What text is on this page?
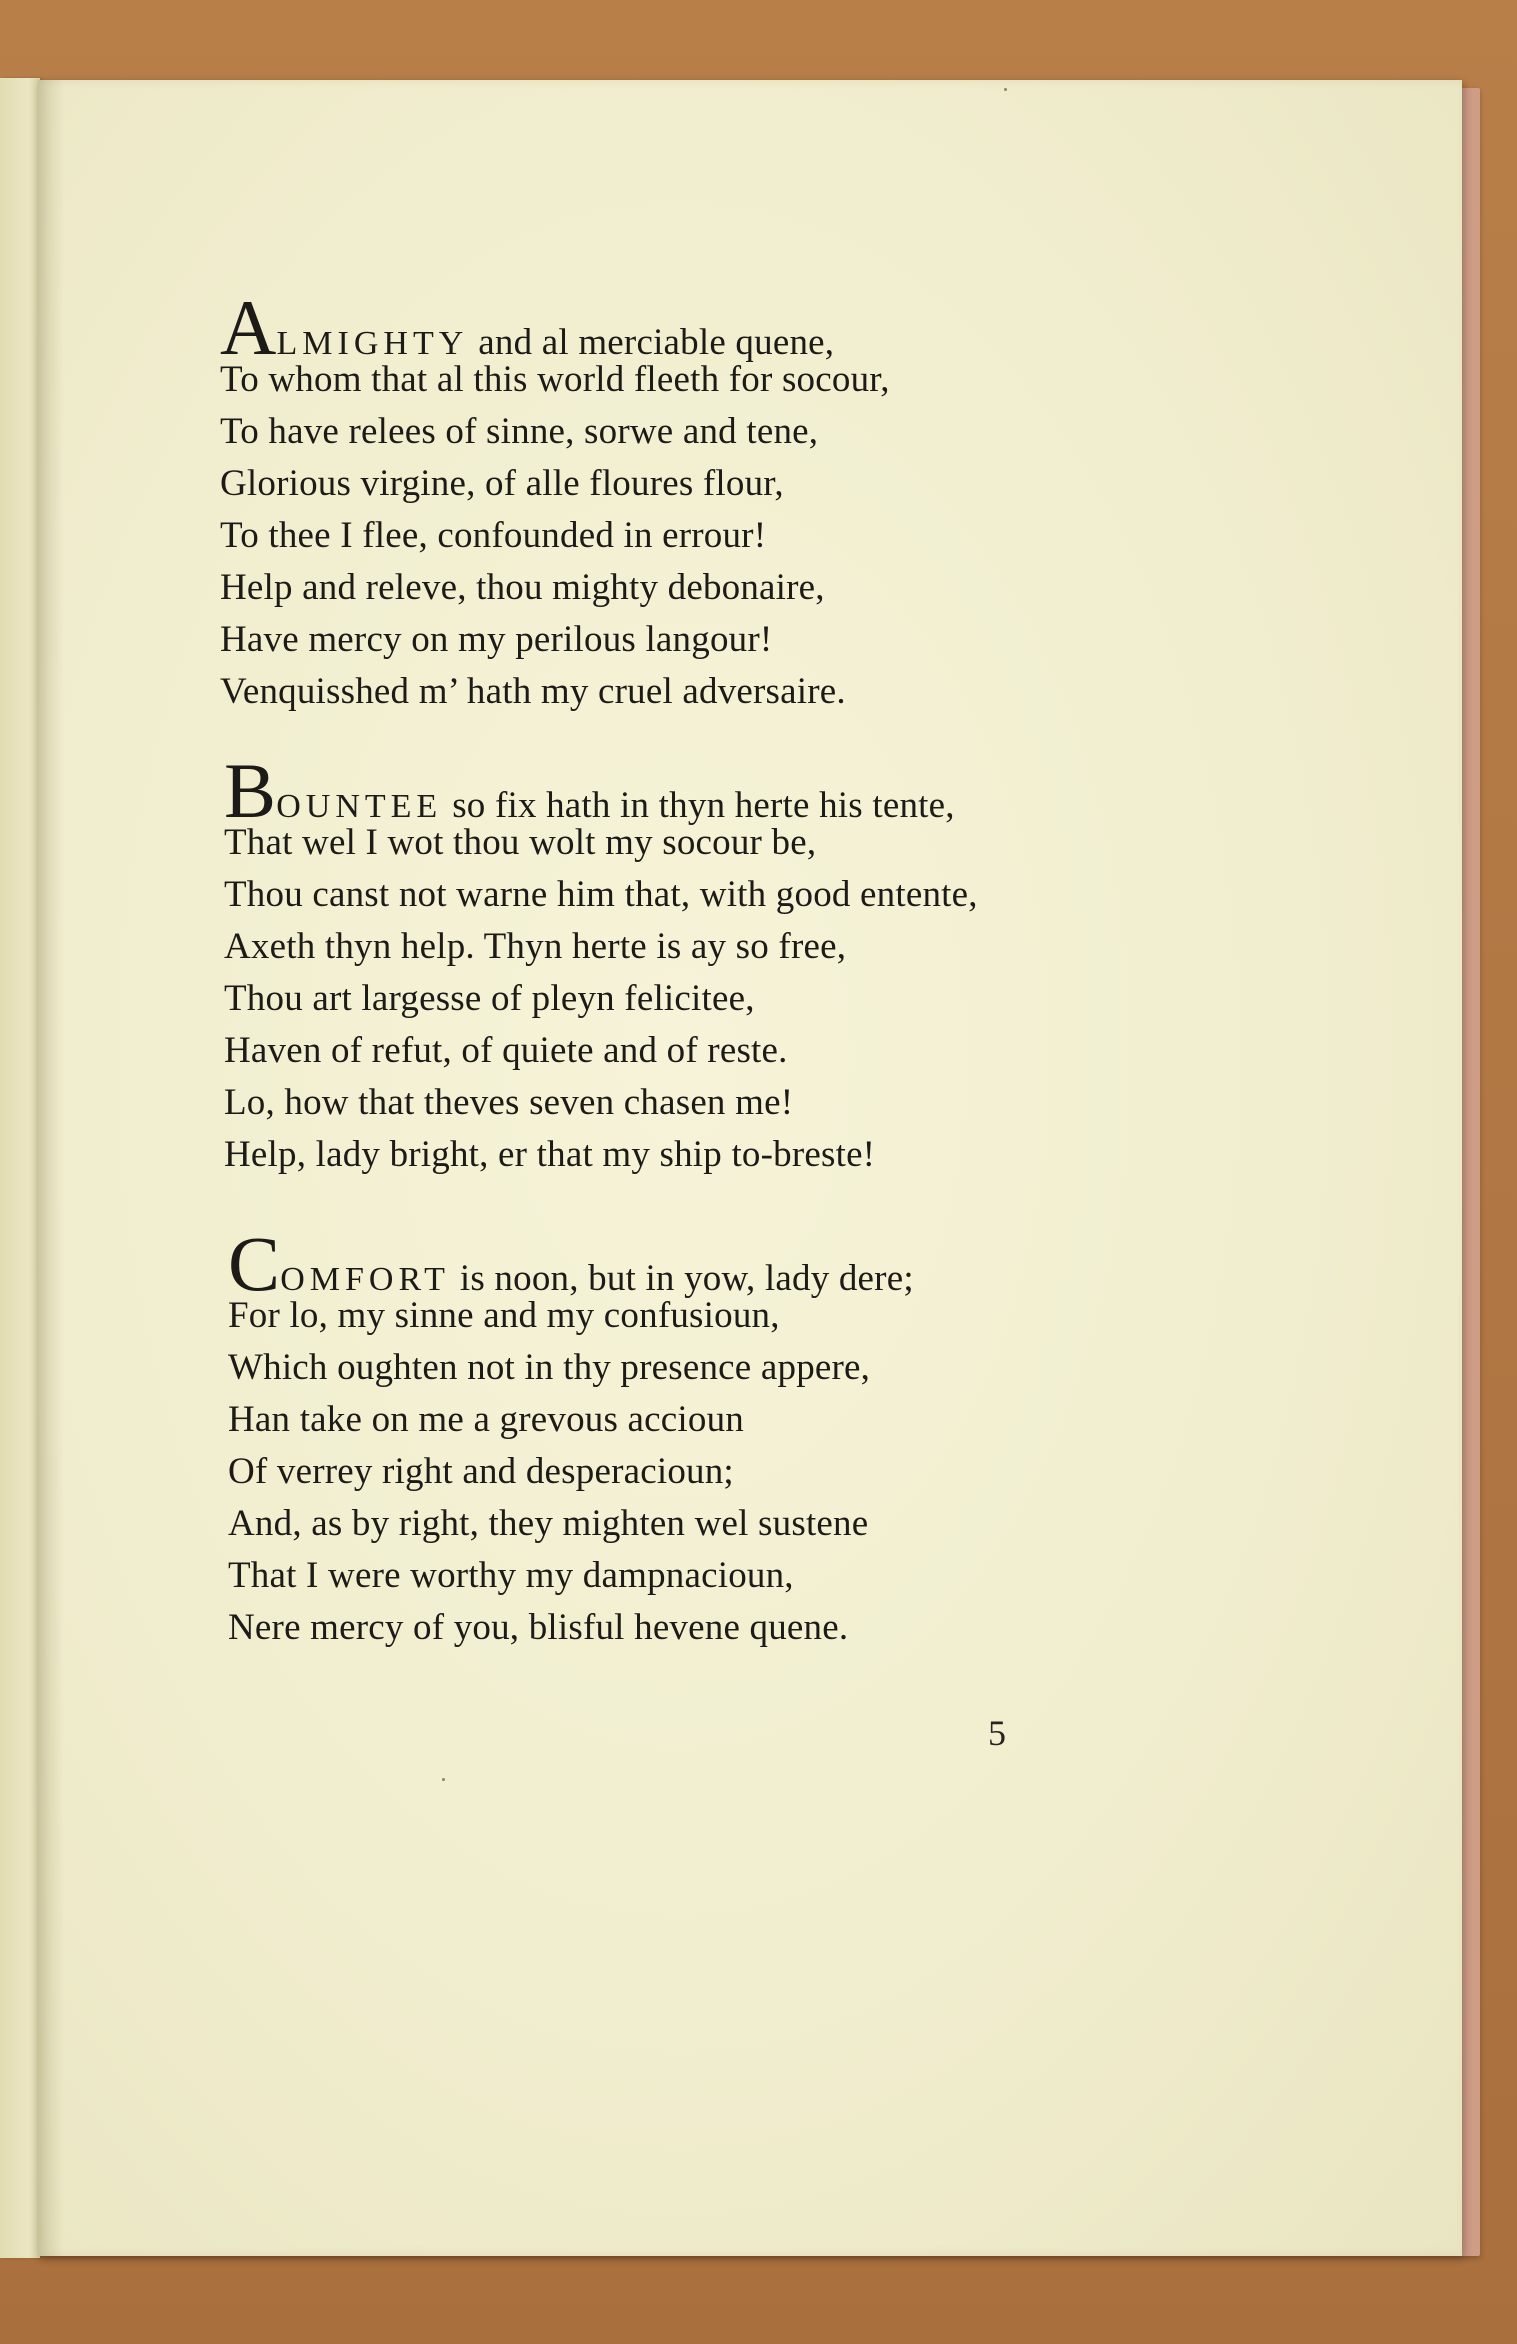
ALMIGHTY and al merciable quene,
To whom that al this world fleeth for socour,
To have relees of sinne, sorwe and tene,
Glorious virgine, of alle floures flour,
To thee I flee, confounded in errour!
Help and releve, thou mighty debonaire,
Have mercy on my perilous langour!
Venquisshed m’ hath my cruel adversaire.
BOUNTEE so fix hath in thyn herte his tente,
That wel I wot thou wolt my socour be,
Thou canst not warne him that, with good entente,
Axeth thyn help. Thyn herte is ay so free,
Thou art largesse of pleyn felicitee,
Haven of refut, of quiete and of reste.
Lo, how that theves seven chasen me!
Help, lady bright, er that my ship to-breste!
COMFORT is noon, but in yow, lady dere;
For lo, my sinne and my confusioun,
Which oughten not in thy presence appere,
Han take on me a grevous accioun
Of verrey right and desperacioun;
And, as by right, they mighten wel sustene
That I were worthy my dampnacioun,
Nere mercy of you, blisful hevene quene.
5
